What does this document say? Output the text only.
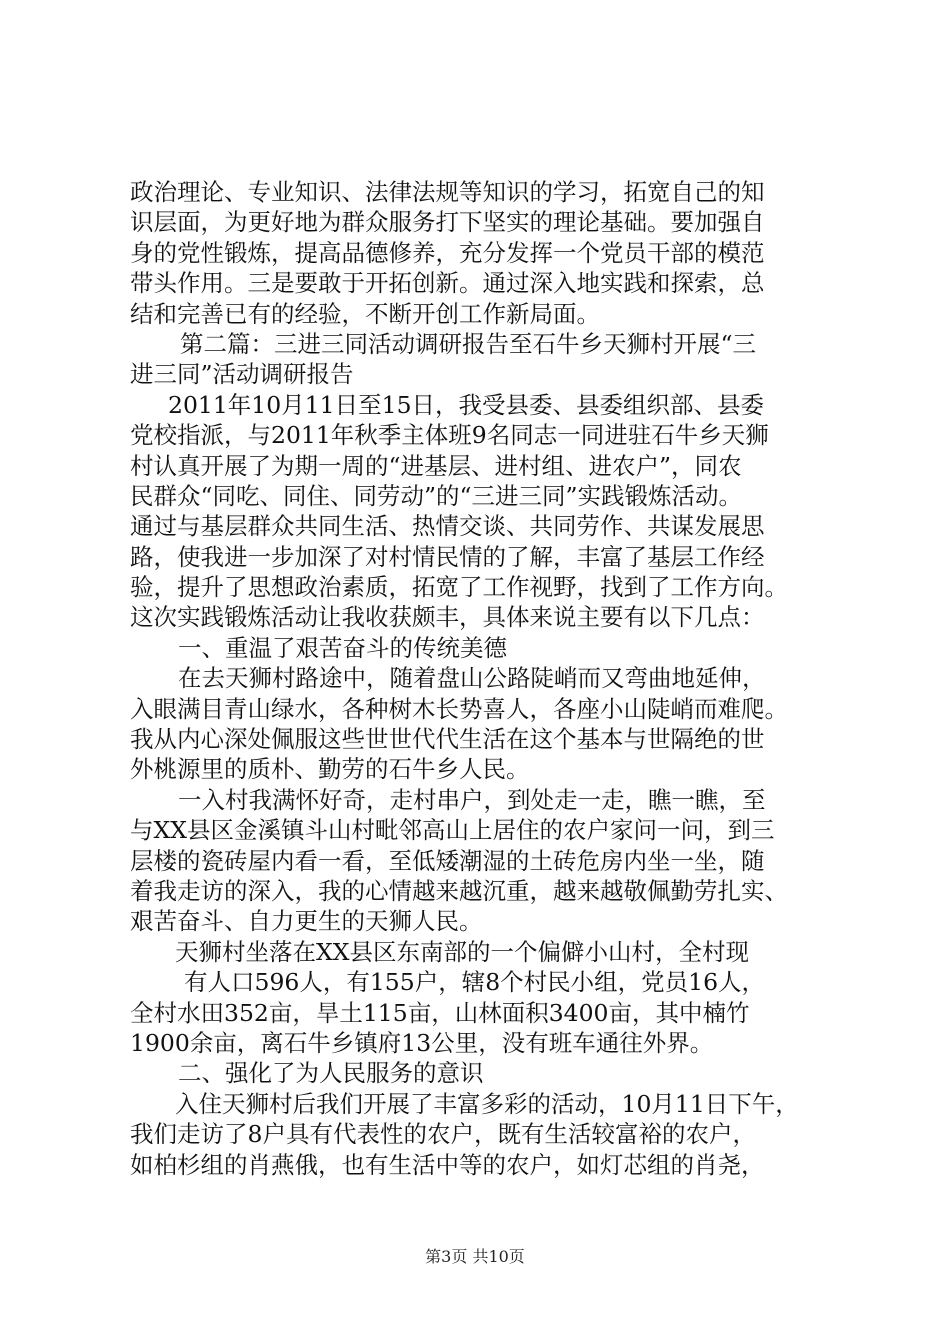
政治理论、专业知识、法律法规等知识的学习，拓宽自己的知
识层面，为更好地为群众服务打下坚实的理论基础。要加强自
身的党性锻炼，提高品德修养，充分发挥一个党员干部的模范
带头作用。三是要敢于开拓创新。通过深入地实践和探索，总
结和完善已有的经验，不断开创工作新局面。
第二篇：三进三同活动调研报告至石牛乡天狮村开展“三
进三同”活动调研报告
2011年10月11日至15日，我受县委、县委组织部、县委
党校指派，与2011年秋季主体班9名同志一同进驻石牛乡天狮
村认真开展了为期一周的“进基层、进村组、进农户”，同农
民群众“同吃、同住、同劳动”的“三进三同”实践锻炼活动。
通过与基层群众共同生活、热情交谈、共同劳作、共谋发展思
路，使我进一步加深了对村情民情的了解，丰富了基层工作经
验，提升了思想政治素质，拓宽了工作视野，找到了工作方向。
这次实践锻炼活动让我收获颇丰，具体来说主要有以下几点：
一、重温了艰苦奋斗的传统美德
在去天狮村路途中，随着盘山公路陡峭而又弯曲地延伸，
入眼满目青山绿水，各种树木长势喜人，各座小山陡峭而难爬。
我从内心深处佩服这些世世代代生活在这个基本与世隔绝的世
外桃源里的质朴、勤劳的石牛乡人民。
一入村我满怀好奇，走村串户，到处走一走，瞧一瞧，至
与XX县区金溪镇斗山村毗邻高山上居住的农户家问一问，到三
层楼的瓷砖屋内看一看，至低矮潮湿的土砖危房内坐一坐，随
着我走访的深入，我的心情越来越沉重，越来越敬佩勤劳扎实、
艰苦奋斗、自力更生的天狮人民。
天狮村坐落在XX县区东南部的一个偏僻小山村，全村现
有人口596人，有155户，辖8个村民小组，党员16人，
全村水田352亩，旱土115亩，山林面积3400亩，其中楠竹
1900余亩，离石牛乡镇府13公里，没有班车通往外界。
二、强化了为人民服务的意识
入住天狮村后我们开展了丰富多彩的活动，10月11日下午，
我们走访了8户具有代表性的农户，既有生活较富裕的农户，
如柏杉组的肖燕俄，也有生活中等的农户，如灯芯组的肖尧，
第3页 共10页
